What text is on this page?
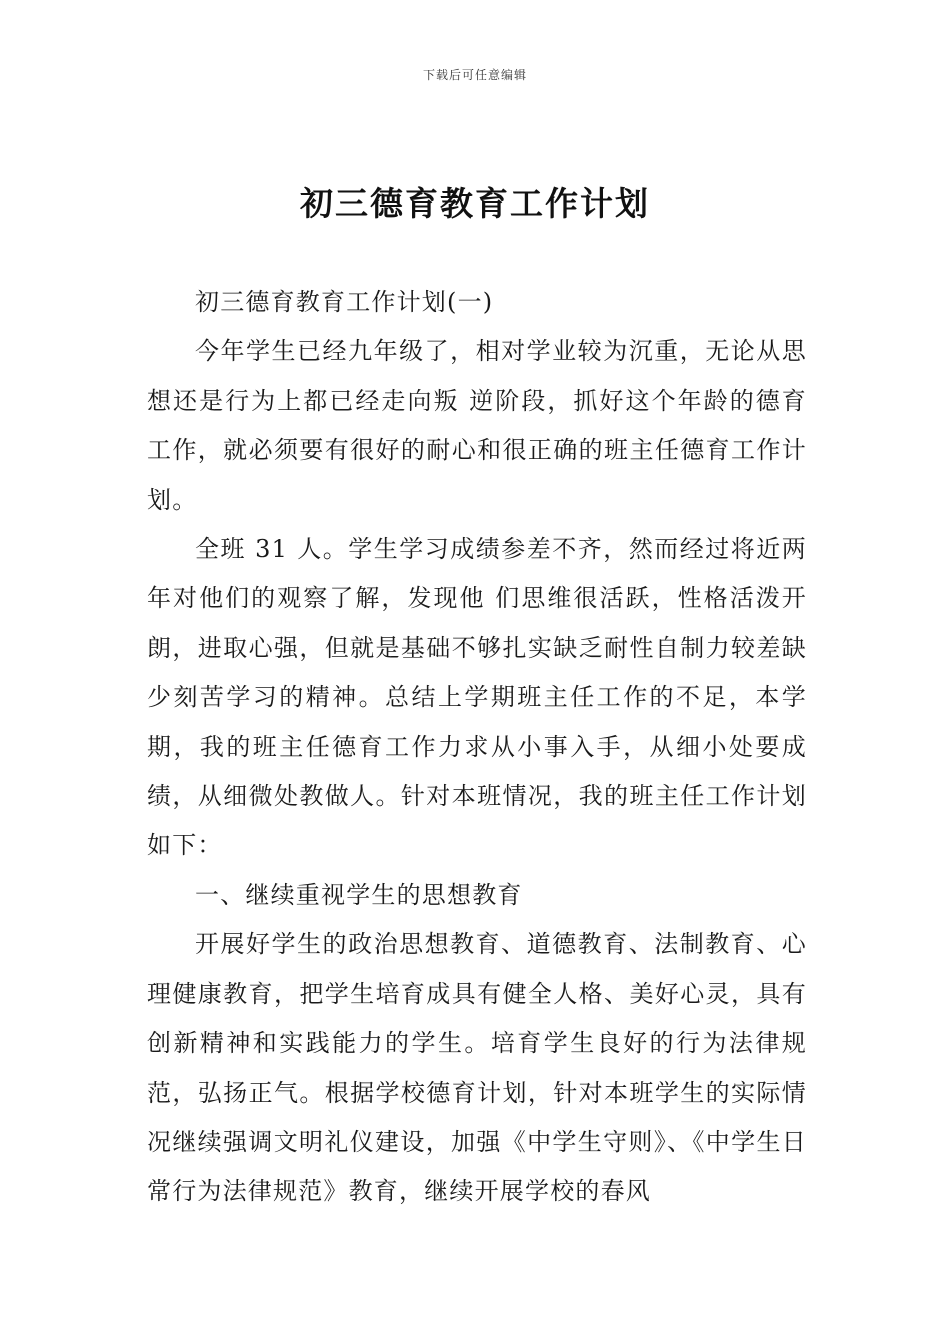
下载后可任意编辑
初三德育教育工作计划

初三德育教育工作计划(一)

今年学生已经九年级了，相对学业较为沉重，无论从思想还是行为上都已经走向叛 逆阶段，抓好这个年龄的德育工作，就必须要有很好的耐心和很正确的班主任德育工作计划。

全班 31 人。学生学习成绩参差不齐，然而经过将近两年对他们的观察了解，发现他 们思维很活跃，性格活泼开朗，进取心强，但就是基础不够扎实缺乏耐性自制力较差缺少刻苦学习的精神。总结上学期班主任工作的不足，本学期，我的班主任德育工作力求从小事入手，从细小处要成绩，从细微处教做人。针对本班情况，我的班主任工作计划如下：

一、继续重视学生的思想教育

开展好学生的政治思想教育、道德教育、法制教育、心理健康教育，把学生培育成具有健全人格、美好心灵，具有创新精神和实践能力的学生。培育学生良好的行为法律规范，弘扬正气。根据学校德育计划，针对本班学生的实际情况继续强调文明礼仪建设，加强《中学生守则》、《中学生日常行为法律规范》教育，继续开展学校的春风
